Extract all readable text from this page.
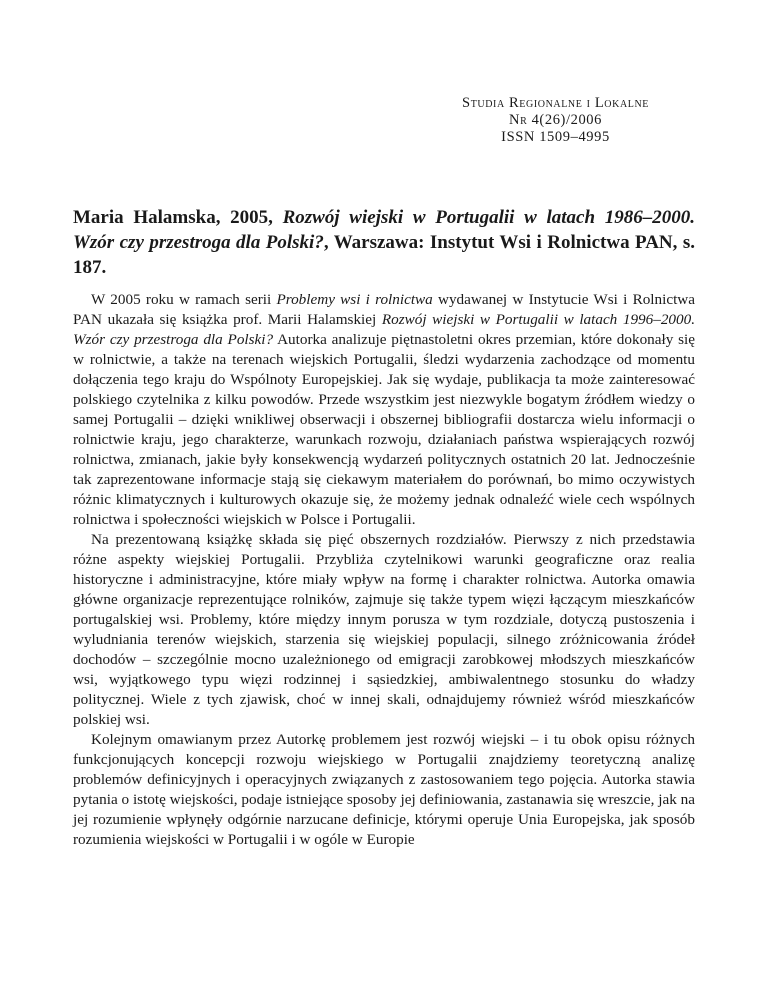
Studia Regionalne i Lokalne
Nr 4(26)/2006
ISSN 1509–4995
Maria Halamska, 2005, Rozwój wiejski w Portugalii w latach 1986–2000. Wzór czy przestroga dla Polski?, Warszawa: Instytut Wsi i Rolnictwa PAN, s. 187.

W 2005 roku w ramach serii Problemy wsi i rolnictwa wydawanej w Instytucie Wsi i Rolnictwa PAN ukazała się książka prof. Marii Halamskiej Rozwój wiejski w Portugalii w latach 1996–2000. Wzór czy przestroga dla Polski? Autorka analizuje piętnastoletni okres przemian, które dokonały się w rolnictwie, a także na terenach wiejskich Portugalii, śledzi wydarzenia zachodzące od momentu dołączenia tego kraju do Wspólnoty Europejskiej. Jak się wydaje, publikacja ta może zainteresować polskiego czytelnika z kilku powodów. Przede wszystkim jest niezwykle bogatym źródłem wiedzy o samej Portugalii – dzięki wnikliwej obserwacji i obszernej bibliografii dostarcza wielu informacji o rolnictwie kraju, jego charakterze, warunkach rozwoju, działaniach państwa wspierających rozwój rolnictwa, zmianach, jakie były konsekwencją wydarzeń politycznych ostatnich 20 lat. Jednocześnie tak zaprezentowane informacje stają się ciekawym materiałem do porównań, bo mimo oczywistych różnic klimatycznych i kulturowych okazuje się, że możemy jednak odnaleźć wiele cech wspólnych rolnictwa i społeczności wiejskich w Polsce i Portugalii.

Na prezentowaną książkę składa się pięć obszernych rozdziałów. Pierwszy z nich przedstawia różne aspekty wiejskiej Portugalii. Przybliża czytelnikowi warunki geograficzne oraz realia historyczne i administracyjne, które miały wpływ na formę i charakter rolnictwa. Autorka omawia główne organizacje reprezentujące rolników, zajmuje się także typem więzi łączącym mieszkańców portugalskiej wsi. Problemy, które między innym porusza w tym rozdziale, dotyczą pustoszenia i wyludniania terenów wiejskich, starzenia się wiejskiej populacji, silnego zróżnicowania źródeł dochodów – szczególnie mocno uzależnionego od emigracji zarobkowej młodszych mieszkańców wsi, wyjątkowego typu więzi rodzinnej i sąsiedzkiej, ambiwalentnego stosunku do władzy politycznej. Wiele z tych zjawisk, choć w innej skali, odnajdujemy również wśród mieszkańców polskiej wsi.

Kolejnym omawianym przez Autorkę problemem jest rozwój wiejski – i tu obok opisu różnych funkcjonujących koncepcji rozwoju wiejskiego w Portugalii znajdziemy teoretyczną analizę problemów definicyjnych i operacyjnych związanych z zastosowaniem tego pojęcia. Autorka stawia pytania o istotę wiejskości, podaje istniejące sposoby jej definiowania, zastanawia się wreszcie, jak na jej rozumienie wpłynęły odgórnie narzucane definicje, którymi operuje Unia Europejska, jak sposób rozumienia wiejskości w Portugalii i w ogóle w Europie
